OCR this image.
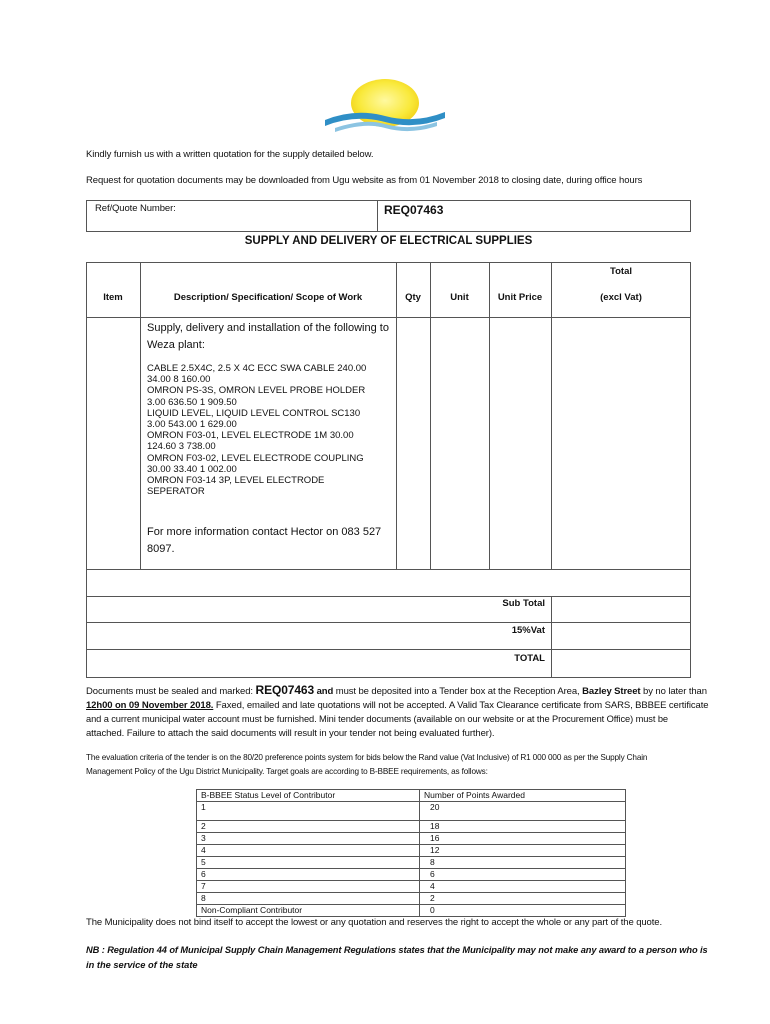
Kindly furnish us with a written quotation for the supply detailed below.
Request for quotation documents may be downloaded from Ugu website as from 01 November 2018 to closing date, during office hours
Ref/Quote Number:	REQ07463
SUPPLY AND DELIVERY OF ELECTRICAL SUPPLIES
Item	Description/ Specification/ Scope of Work	Qty	Unit	Unit Price
Total
(excl Vat)
Supply, delivery and installation of the following to Weza plant:
CABLE 2.5X4C, 2.5 X 4C ECC SWA CABLE 240.00
34.00 8 160.00
OMRON PS-3S, OMRON LEVEL PROBE HOLDER
3.00 636.50 1 909.50
LIQUID LEVEL, LIQUID LEVEL CONTROL SC130
3.00 543.00 1 629.00
OMRON F03-01, LEVEL ELECTRODE 1M 30.00
124.60 3 738.00
OMRON F03-02, LEVEL ELECTRODE COUPLING
30.00 33.40 1 002.00
OMRON F03-14 3P, LEVEL ELECTRODE
SEPERATOR
For more information contact Hector on 083 527 8097.
Sub Total
15%Vat
TOTAL
Documents must be sealed and marked: REQ07463 and must be deposited into a Tender box at the Reception Area, Bazley Street by no later than
12h00 on 09 November 2018. Faxed, emailed and late quotations will not be accepted. A Valid Tax Clearance certificate from SARS, BBBEE certificate
and a current municipal water account must be furnished. Mini tender documents (available on our website or at the Procurement Office) must be
attached. Failure to attach the said documents will result in your tender not being evaluated further).
The evaluation criteria of the tender is on the 80/20 preference points system for bids below the Rand value (Vat Inclusive) of R1 000 000 as per the Supply Chain
Management Policy of the Ugu District Municipality. Target goals are according to B-BBEE requirements, as follows:
B-BBEE Status Level of Contributor	Number of Points Awarded
1	20
2	18
3	16
4	12
5	8
6	6
7	4
8	2
Non-Compliant Contributor	0
The Municipality does not bind itself to accept the lowest or any quotation and reserves the right to accept the whole or any part of the quote.
NB : Regulation 44 of Municipal Supply Chain Management Regulations states that the Municipality may not make any award to a person who is
in the service of the state
